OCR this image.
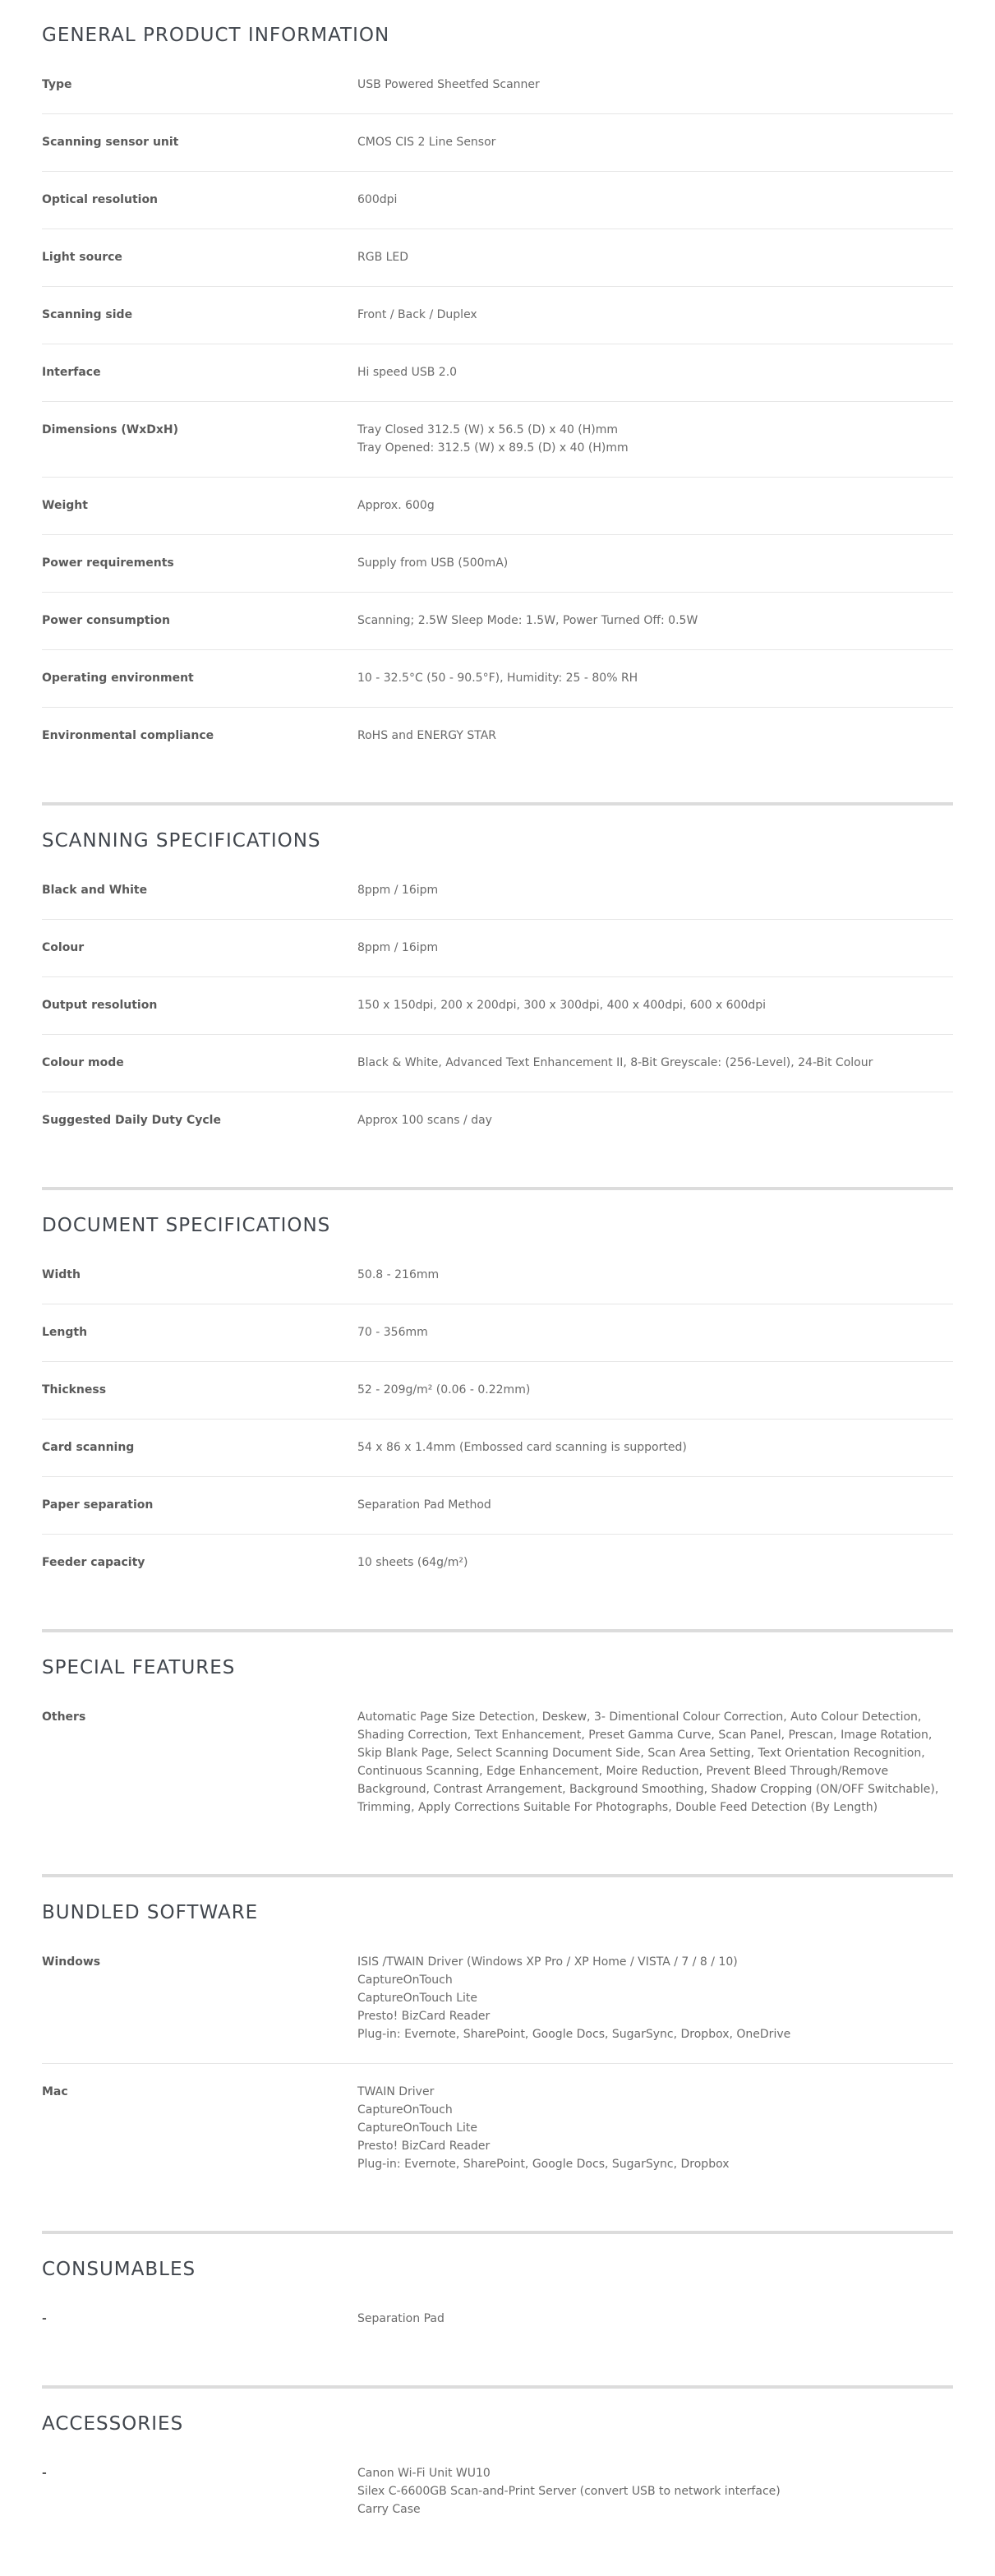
GENERAL PRODUCT INFORMATION
Type	USB Powered Sheetfed Scanner
Scanning sensor unit	CMOS CIS 2 Line Sensor
Optical resolution	600dpi
Light source	RGB LED
Scanning side	Front / Back / Duplex
Interface	Hi speed USB 2.0
Dimensions (WxDxH)	Tray Closed 312.5 (W) x 56.5 (D) x 40 (H)mm
Tray Opened: 312.5 (W) x 89.5 (D) x 40 (H)mm
Weight	Approx. 600g
Power requirements	Supply from USB (500mA)
Power consumption	Scanning; 2.5W Sleep Mode: 1.5W, Power Turned Off: 0.5W
Operating environment	10 - 32.5°C (50 - 90.5°F), Humidity: 25 - 80% RH
Environmental compliance	RoHS and ENERGY STAR
SCANNING SPECIFICATIONS
Black and White	8ppm / 16ipm
Colour	8ppm / 16ipm
Output resolution	150 x 150dpi, 200 x 200dpi, 300 x 300dpi, 400 x 400dpi, 600 x 600dpi
Colour mode	Black & White, Advanced Text Enhancement II, 8-Bit Greyscale: (256-Level), 24-Bit Colour
Suggested Daily Duty Cycle	Approx 100 scans / day
DOCUMENT SPECIFICATIONS
Width	50.8 - 216mm
Length	70 - 356mm
Thickness	52 - 209g/m² (0.06 - 0.22mm)
Card scanning	54 x 86 x 1.4mm (Embossed card scanning is supported)
Paper separation	Separation Pad Method
Feeder capacity	10 sheets (64g/m²)
SPECIAL FEATURES
Others	Automatic Page Size Detection, Deskew, 3- Dimentional Colour Correction, Auto Colour Detection, Shading Correction, Text Enhancement, Preset Gamma Curve, Scan Panel, Prescan, Image Rotation, Skip Blank Page, Select Scanning Document Side, Scan Area Setting, Text Orientation Recognition, Continuous Scanning, Edge Enhancement, Moire Reduction, Prevent Bleed Through/Remove Background, Contrast Arrangement, Background Smoothing, Shadow Cropping (ON/OFF Switchable), Trimming, Apply Corrections Suitable For Photographs, Double Feed Detection (By Length)
BUNDLED SOFTWARE
Windows	ISIS /TWAIN Driver (Windows XP Pro / XP Home / VISTA / 7 / 8 / 10)
CaptureOnTouch
CaptureOnTouch Lite
Presto! BizCard Reader
Plug-in: Evernote, SharePoint, Google Docs, SugarSync, Dropbox, OneDrive
Mac	TWAIN Driver
CaptureOnTouch
CaptureOnTouch Lite
Presto! BizCard Reader
Plug-in: Evernote, SharePoint, Google Docs, SugarSync, Dropbox
CONSUMABLES
-	Separation Pad
ACCESSORIES
-	Canon Wi-Fi Unit WU10
Silex C-6600GB Scan-and-Print Server (convert USB to network interface)
Carry Case
